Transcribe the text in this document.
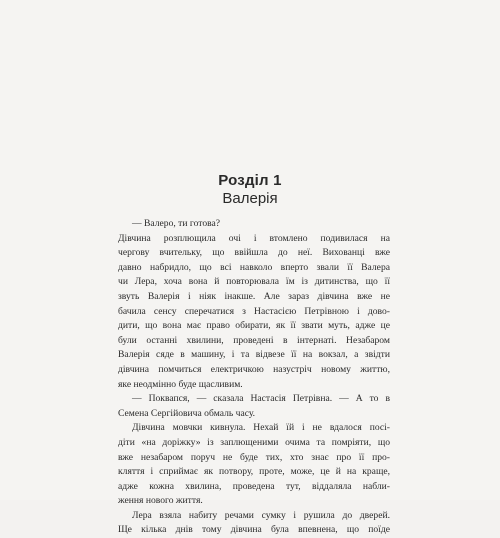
Розділ 1
Валерія
— Валеро, ти готова?
Дівчина розплющила очі і втомлено подивилася на
чергову вчительку, що ввійшла до неї. Вихованці вже
давно набридло, що всі навколо вперто звали її Валера
чи Лера, хоча вона й повторювала їм із дитинства, що її
звуть Валерія і ніяк інакше. Але зараз дівчина вже не
бачила сенсу сперечатися з Настасією Петрівною і дово-
дити, що вона має право обирати, як її звати муть, адже це
були останні хвилини, проведені в інтернаті. Незабаром
Валерія сяде в машину, і та відвезе її на вокзал, а звідти
дівчина помчиться електричкою назустріч новому життю,
яке неодмінно буде щасливим.
— Поквапся, — сказала Настасія Петрівна. — А то в
Семена Сергійовича обмаль часу.
Дівчина мовчки кивнула. Нехай їй і не вдалося посі-
діти «на доріжку» із заплющеними очима та помріяти, що
вже незабаром поруч не буде тих, хто знає про її про-
кляття і сприймає як потвору, проте, може, це й на краще,
адже кожна хвилина, проведена тут, віддаляла набли-
ження нового життя.
Лера взяла набиту речами сумку і рушила до дверей.
Ще кілька днів тому дівчина була впевнена, що поїде
